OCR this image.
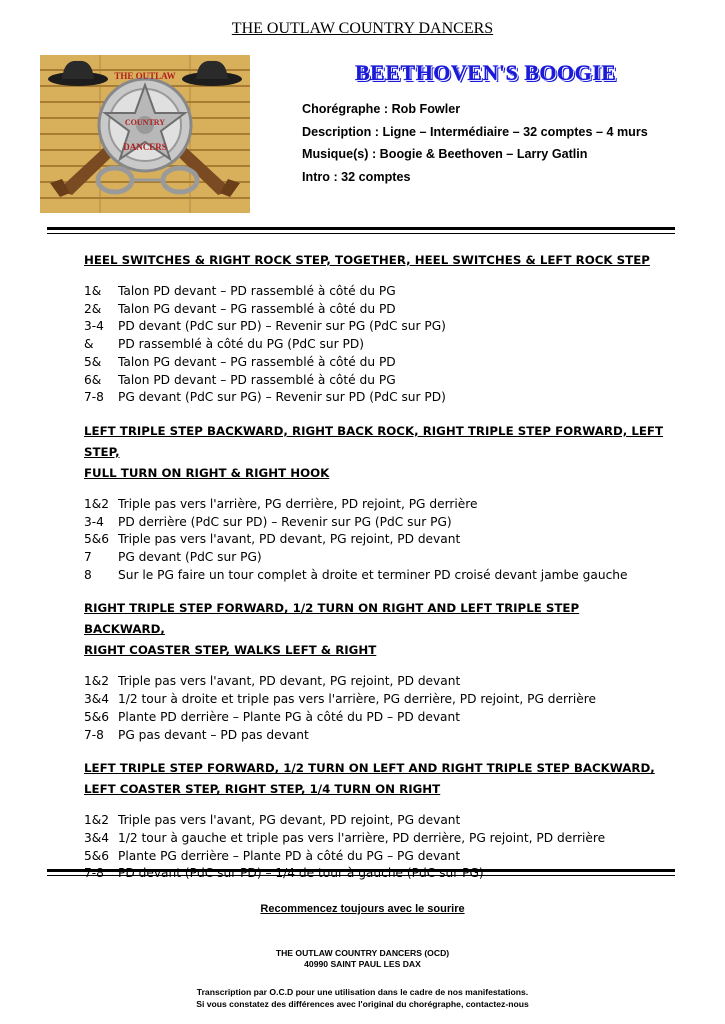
THE OUTLAW COUNTRY DANCERS
THE OUTLAW
COUNTRY
DANCERS
BEETHOVEN'S BOOGIE
Chorégraphe : Rob Fowler
Description : Ligne – Intermédiaire – 32 comptes – 4 murs
Musique(s) : Boogie & Beethoven – Larry Gatlin
Intro : 32 comptes
HEEL SWITCHES & RIGHT ROCK STEP, TOGETHER, HEEL SWITCHES & LEFT ROCK STEP
1&	Talon PD devant – PD rassemblé à côté du PG
2&	Talon PG devant – PG rassemblé à côté du PD
3-4	PD devant (PdC sur PD) – Revenir sur PG (PdC sur PG)
&	PD rassemblé à côté du PG (PdC sur PD)
5&	Talon PG devant – PG rassemblé à côté du PD
6&	Talon PD devant – PD rassemblé à côté du PG
7-8	PG devant (PdC sur PG) – Revenir sur PD (PdC sur PD)
LEFT TRIPLE STEP BACKWARD, RIGHT BACK ROCK, RIGHT TRIPLE STEP FORWARD, LEFT STEP,
FULL TURN ON RIGHT & RIGHT HOOK
1&2 Triple pas vers l'arrière, PG derrière, PD rejoint, PG derrière
3-4	PD derrière (PdC sur PD) – Revenir sur PG (PdC sur PG)
5&6 Triple pas vers l'avant, PD devant, PG rejoint, PD devant
7	PG devant (PdC sur PG)
8	Sur le PG faire un tour complet à droite et terminer PD croisé devant jambe gauche
RIGHT TRIPLE STEP FORWARD, 1/2 TURN ON RIGHT AND LEFT TRIPLE STEP BACKWARD,
RIGHT COASTER STEP, WALKS LEFT & RIGHT
1&2 Triple pas vers l'avant, PD devant, PG rejoint, PD devant
3&4 1/2 tour à droite et triple pas vers l'arrière, PG derrière, PD rejoint, PG derrière
5&6 Plante PD derrière – Plante PG à côté du PD – PD devant
7-8	PG pas devant – PD pas devant
LEFT TRIPLE STEP FORWARD, 1/2 TURN ON LEFT AND RIGHT TRIPLE STEP BACKWARD,
LEFT COASTER STEP, RIGHT STEP, 1/4 TURN ON RIGHT
1&2 Triple pas vers l'avant, PG devant, PD rejoint, PG devant
3&4 1/2 tour à gauche et triple pas vers l'arrière, PD derrière, PG rejoint, PD derrière
5&6 Plante PG derrière – Plante PD à côté du PG – PG devant
7-8	PD devant (PdC sur PD) – 1/4 de tour à gauche (PdC sur PG)
Recommencez toujours avec le sourire
THE OUTLAW COUNTRY DANCERS (OCD)
40990 SAINT PAUL LES DAX
Transcription par O.C.D pour une utilisation dans le cadre de nos manifestations.
Si vous constatez des différences avec l'original du chorégraphe, contactez-nous
